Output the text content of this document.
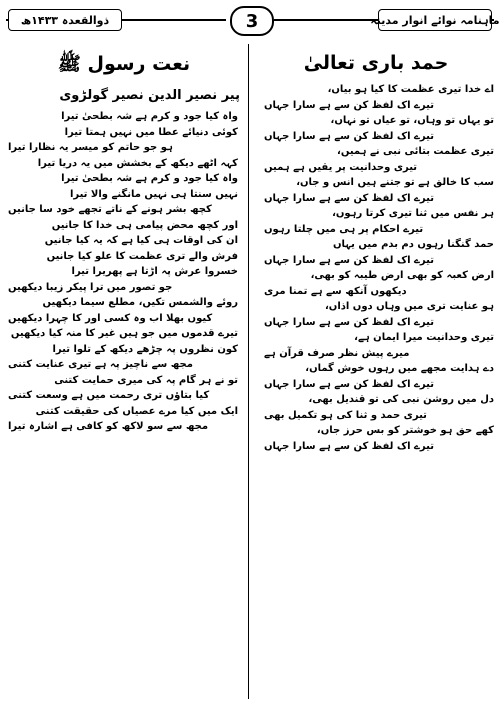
ذوالقعدہ ۱۴۳۳ھ	3	ماہنامہ نوائے انوار مدینہ
حمد باری تعالیٰ
اے خدا تیری عظمت کا کیا ہو بیاں،
تیرے اک لفظ کن سے ہے سارا جہاں
تو یہاں تو وہاں، تو عیاں تو نہاں،
تیرے اک لفظ کن سے ہے سارا جہاں
تیری عظمت بتائی نبی نے ہمیں،
تیری وحدانیت پر یقیں ہے ہمیں
سب کا خالق ہے تو جتنے ہیں انس و جاں،
تیرے اک لفظ کن سے ہے سارا جہاں
ہر نفس میں ثنا تیری کرتا رہوں،
تیرے احکام پر ہی میں چلتا رہوں
حمد گنگنا رہوں دم بدم میں یہاں
تیرے اک لفظ کن سے ہے سارا جہاں
ارض کعبہ کو بھی ارض طیبہ کو بھی،
دیکھوں آنکھ سے ہے تمنا مری
ہو عنایت تری میں وہاں دوں اذاں،
تیرے اک لفظ کن سے ہے سارا جہاں
تیری وحدانیت میرا ایمان ہے،
میرے پیش نظر صرف قرآن ہے
دے ہدایت مجھے میں رہوں خوش گماں،
تیرے اک لفظ کن سے ہے سارا جہاں
دل میں روشن نبی کی تو قندیل بھی،
تیری حمد و ثنا کی ہو تکمیل بھی
کھے حق ہو خوشتر کو بس حرز جاں،
تیرے اک لفظ کن سے ہے سارا جہاں
نعت رسول ﷺ
پیر نصیر الدین نصیر گولڑوی
واہ کیا جود و کرم ہے شہ بطحیٰ تیرا
کوئی دنیائے عطا میں نہیں ہمتا تیرا
ہو جو حاتم کو میسر یہ نظارا تیرا
کہہ اٹھے دیکھ کے بخشش میں یہ دریا تیرا
واہ کیا جود و کرم ہے شہ بطحیٰ تیرا
نہیں سنتا ہی نہیں مانگنے والا تیرا
کچھ بشر ہونے کے ناتے تجھے خود سا جانیں
اور کچھ محض پیامی ہی خدا کا جانیں
ان کی اوقات ہی کیا ہے کہ یہ کیا جانیں
فرش والے تری عظمت کا علو کیا جانیں
خسروا عرش پہ اڑتا ہے پھریرا تیرا
جو تصور میں ترا پیکر زیبا دیکھیں
روئے والشمس تکیں، مطلع سیما دیکھیں
کیوں بھلا اب وہ کسی اور کا چہرا دیکھیں
تیرے قدموں میں جو ہیں غیر کا منہ کیا دیکھیں
کون نظروں پہ چڑھے دیکھ کے تلوا تیرا
مجھ سے ناچیز پہ ہے تیری عنایت کتنی
تو نے ہر گام پہ کی میری حمایت کتنی
کیا بتاؤں تری رحمت میں ہے وسعت کتنی
ایک میں کیا مرے عصیاں کی حقیقت کتنی
مجھ سے سو لاکھ کو کافی ہے اشارہ تیرا
